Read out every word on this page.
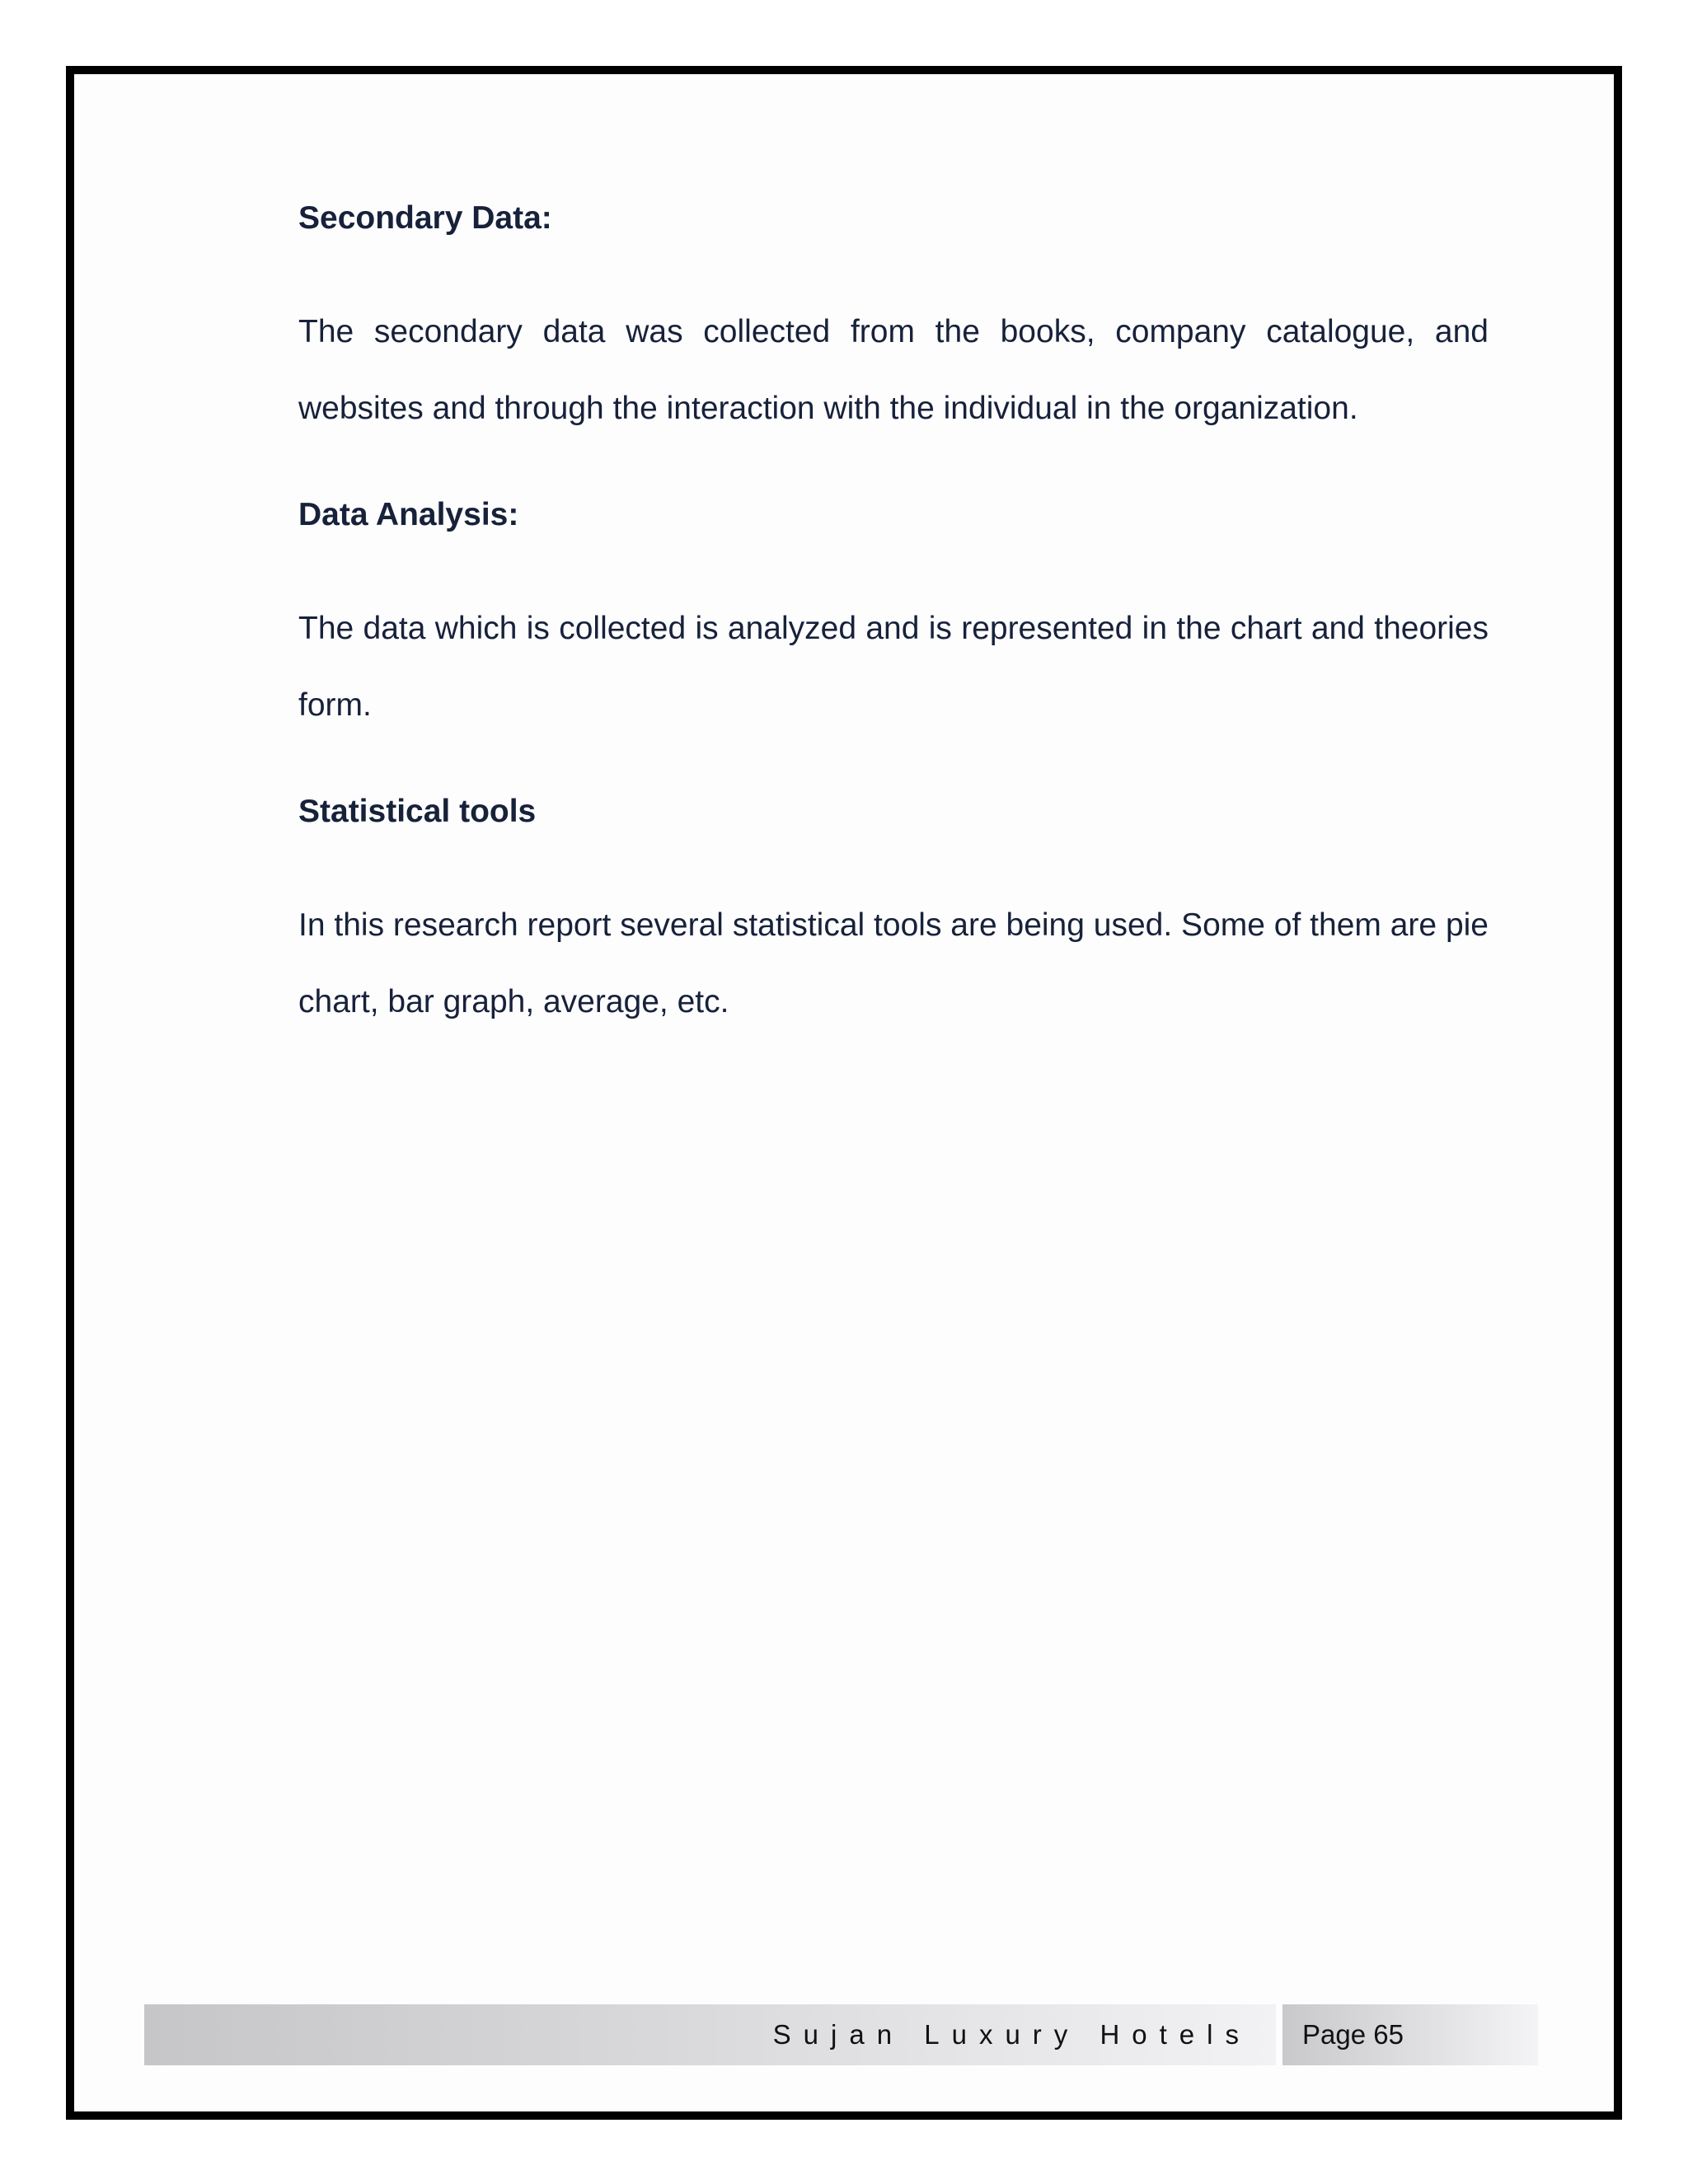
Secondary Data:
The secondary data was collected from the books, company catalogue, and websites and through the interaction with the individual in the organization.
Data Analysis:
The data which is collected is analyzed and is represented in the chart and theories form.
Statistical tools
In this research report several statistical tools are being used. Some of them are pie chart, bar graph, average, etc.
Sujan Luxury Hotels Page 65
